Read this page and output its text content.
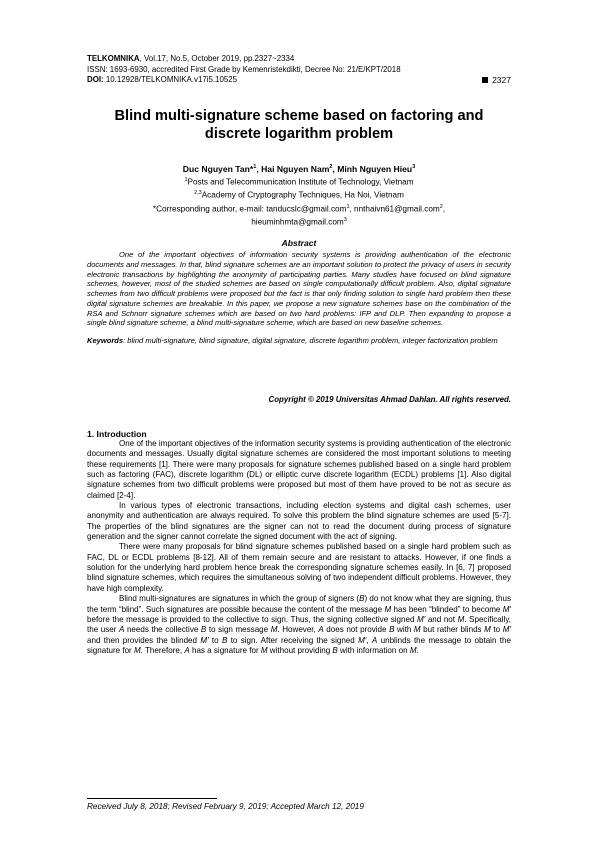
TELKOMNIKA, Vol.17, No.5, October 2019, pp.2327~2334
ISSN: 1693-6930, accredited First Grade by Kemenristekdikti, Decree No: 21/E/KPT/2018
DOI: 10.12928/TELKOMNIKA.v17i5.10525	2327
Blind multi-signature scheme based on factoring and
discrete logarithm problem
Duc Nguyen Tan*$^1$, Hai Nguyen Nam$^2$, Minh Nguyen Hieu$^3$
$^1$Posts and Telecommunication Institute of Technology, Vietnam
$^{2,3}$Academy of Cryptography Techniques, Ha Noi, Vietnam
*Corresponding author, e-mail: tanducslc@gmail.com$^1$, nnthaivn61@gmail.com$^2$,
hieuminhmta@gmail.com$^3$
Abstract
One of the important objectives of information security systems is providing authentication of the electronic documents and messages. In that, blind signature schemes are an important solution to protect the privacy of users in security electronic transactions by highlighting the anonymity of participating parties. Many studies have focused on blind signature schemes, however, most of the studied schemes are based on single computationally difficult problem. Also, digital signature schemes from two difficult problems were proposed but the fact is that only finding solution to single hard problem then these digital signature schemes are breakable. In this paper, we propose a new signature schemes base on the combination of the RSA and Schnorr signature schemes which are based on two hard problems: IFP and DLP. Then expanding to propose a single blind signature scheme, a blind multi-signature scheme, which are based on new baseline schemes.
Keywords: blind multi-signature, blind signature, digital signature, discrete logarithm problem, integer factorization problem
Copyright © 2019 Universitas Ahmad Dahlan. All rights reserved.
1. Introduction

One of the important objectives of the information security systems is providing authentication of the electronic documents and messages. Usually digital signature schemes are considered the most important solutions to meeting these requirements [1]. There were many proposals for signature schemes published based on a single hard problem such as factoring (FAC), discrete logarithm (DL) or elliptic curve discrete logarithm (ECDL) problems [1]. Also digital signature schemes from two difficult problems were proposed but most of them have proved to be not as secure as claimed [2-4].

In various types of electronic transactions, including election systems and digital cash schemes, user anonymity and authentication are always required. To solve this problem the blind signature schemes are used [5-7]. The properties of the blind signatures are the signer can not to read the document during process of signature generation and the signer cannot correlate the signed document with the act of signing.

There were many proposals for blind signature schemes published based on a single hard problem such as FAC, DL or ECDL problems [8-12]. All of them remain secure and are resistant to attacks. However, if one finds a solution for the underlying hard problem hence break the corresponding signature schemes easily. In [6, 7] proposed blind signature schemes, which requires the simultaneous solving of two independent difficult problems. However, they have high complexity.

Blind multi-signatures are signatures in which the group of signers (B) do not know what they are signing, thus the term “blind”. Such signatures are possible because the content of the message M has been “blinded” to become M' before the message is provided to the collective to sign. Thus, the signing collective signed M' and not M. Specifically, the user A needs the collective B to sign message M. However, A does not provide B with M but rather blinds M to M' and then provides the blinded M' to B to sign. After receiving the signed M', A unblinds the message to obtain the signature for M. Therefore, A has a signature for M without providing B with information on M.

Received July 8, 2018; Revised February 9, 2019; Accepted March 12, 2019
